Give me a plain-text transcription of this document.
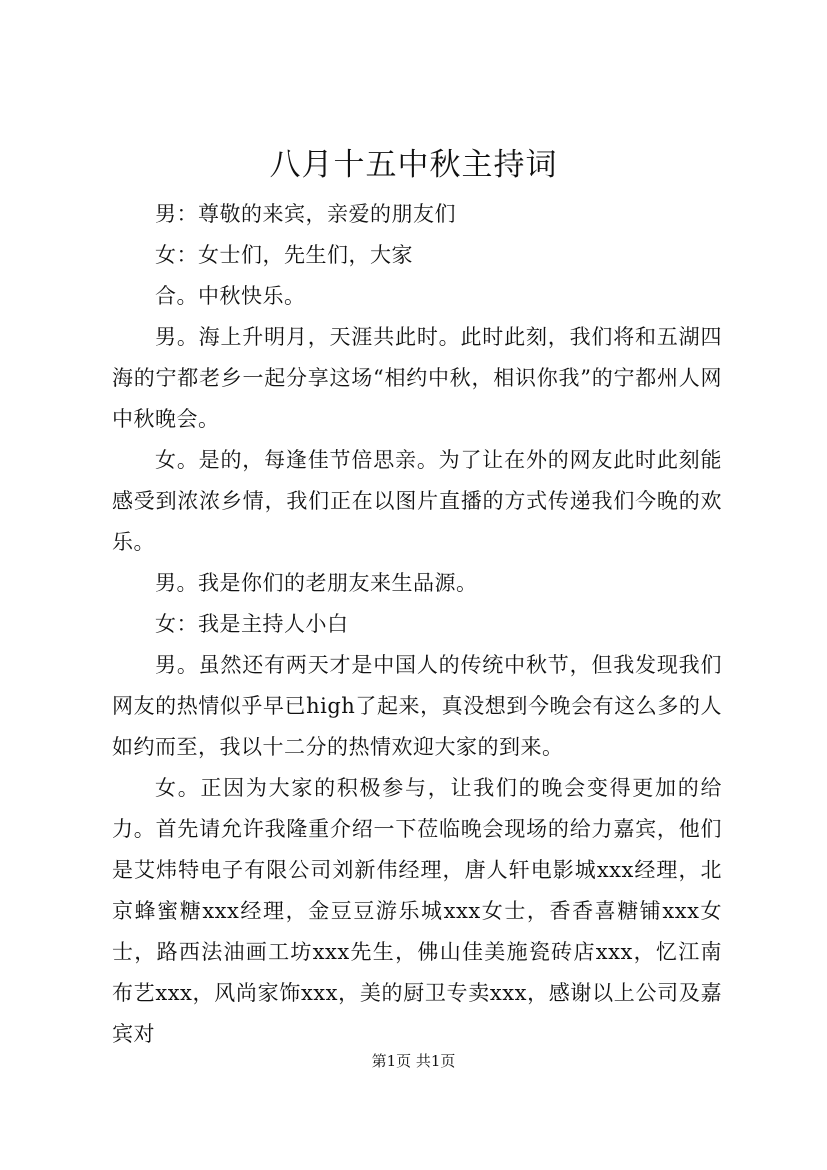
八月十五中秋主持词

男：尊敬的来宾，亲爱的朋友们

女：女士们，先生们，大家

合。中秋快乐。

男。海上升明月，天涯共此时。此时此刻，我们将和五湖四海的宁都老乡一起分享这场“相约中秋，相识你我”的宁都州人网中秋晚会。

女。是的，每逢佳节倍思亲。为了让在外的网友此时此刻能感受到浓浓乡情，我们正在以图片直播的方式传递我们今晚的欢乐。

男。我是你们的老朋友来生品源。

女：我是主持人小白

男。虽然还有两天才是中国人的传统中秋节，但我发现我们网友的热情似乎早已high了起来，真没想到今晚会有这么多的人如约而至，我以十二分的热情欢迎大家的到来。

女。正因为大家的积极参与，让我们的晚会变得更加的给力。首先请允许我隆重介绍一下莅临晚会现场的给力嘉宾，他们是艾炜特电子有限公司刘新伟经理，唐人轩电影城xxx经理，北京蜂蜜糖xxx经理，金豆豆游乐城xxx女士，香香喜糖铺xxx女士，路西法油画工坊xxx先生，佛山佳美施瓷砖店xxx，忆江南布艺xxx，风尚家饰xxx，美的厨卫专卖xxx，感谢以上公司及嘉宾对

第1页 共1页
